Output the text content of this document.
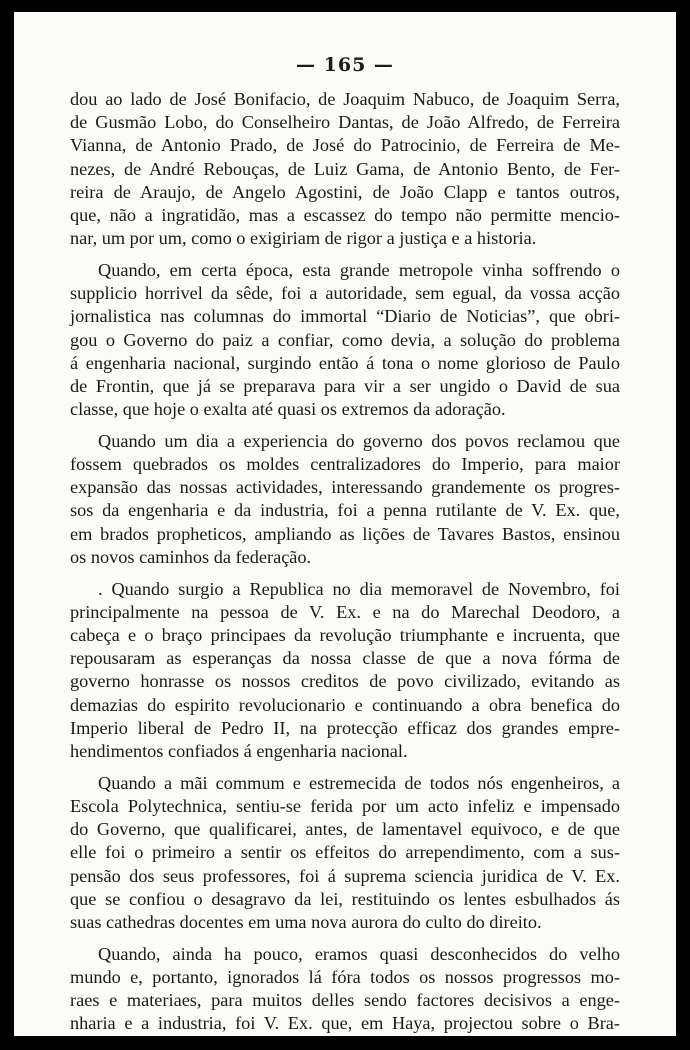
— 165 —
dou ao lado de José Bonifacio, de Joaquim Nabuco, de Joaquim Serra,
de Gusmão Lobo, do Conselheiro Dantas, de João Alfredo, de Ferreira
Vianna, de Antonio Prado, de José do Patrocinio, de Ferreira de Me-
nezes, de André Rebouças, de Luiz Gama, de Antonio Bento, de Fer-
reira de Araujo, de Angelo Agostini, de João Clapp e tantos outros,
que, não a ingratidão, mas a escassez do tempo não permitte mencio-
nar, um por um, como o exigiriam de rigor a justiça e a historia.
Quando, em certa época, esta grande metropole vinha soffrendo o
supplicio horrivel da sêde, foi a autoridade, sem egual, da vossa acção
jornalistica nas columnas do immortal “Diario de Noticias”, que obri-
gou o Governo do paiz a confiar, como devia, a solução do problema
á engenharia nacional, surgindo então á tona o nome glorioso de Paulo
de Frontin, que já se preparava para vir a ser ungido o David de sua
classe, que hoje o exalta até quasi os extremos da adoração.
Quando um dia a experiencia do governo dos povos reclamou que
fossem quebrados os moldes centralizadores do Imperio, para maior
expansão das nossas actividades, interessando grandemente os progres-
sos da engenharia e da industria, foi a penna rutilante de V. Ex. que,
em brados propheticos, ampliando as lições de Tavares Bastos, ensinou
os novos caminhos da federação.
. Quando surgio a Republica no dia memoravel de Novembro, foi
principalmente na pessoa de V. Ex. e na do Marechal Deodoro, a
cabeça e o braço principaes da revolução triumphante e incruenta, que
repousaram as esperanças da nossa classe de que a nova fórma de
governo honrasse os nossos creditos de povo civilizado, evitando as
demazias do espirito revolucionario e continuando a obra benefica do
Imperio liberal de Pedro II, na protecção efficaz dos grandes empre-
hendimentos confiados á engenharia nacional.
Quando a mãi commum e estremecida de todos nós engenheiros, a
Escola Polytechnica, sentiu-se ferida por um acto infeliz e impensado
do Governo, que qualificarei, antes, de lamentavel equivoco, e de que
elle foi o primeiro a sentir os effeitos do arrependimento, com a sus-
pensão dos seus professores, foi á suprema sciencia juridica de V. Ex.
que se confiou o desagravo da lei, restituindo os lentes esbulhados ás
suas cathedras docentes em uma nova aurora do culto do direito.
Quando, ainda ha pouco, eramos quasi desconhecidos do velho
mundo e, portanto, ignorados lá fóra todos os nossos progressos mo-
raes e materiaes, para muitos delles sendo factores decisivos a enge-
nharia e a industria, foi V. Ex. que, em Haya, projectou sobre o Bra-
